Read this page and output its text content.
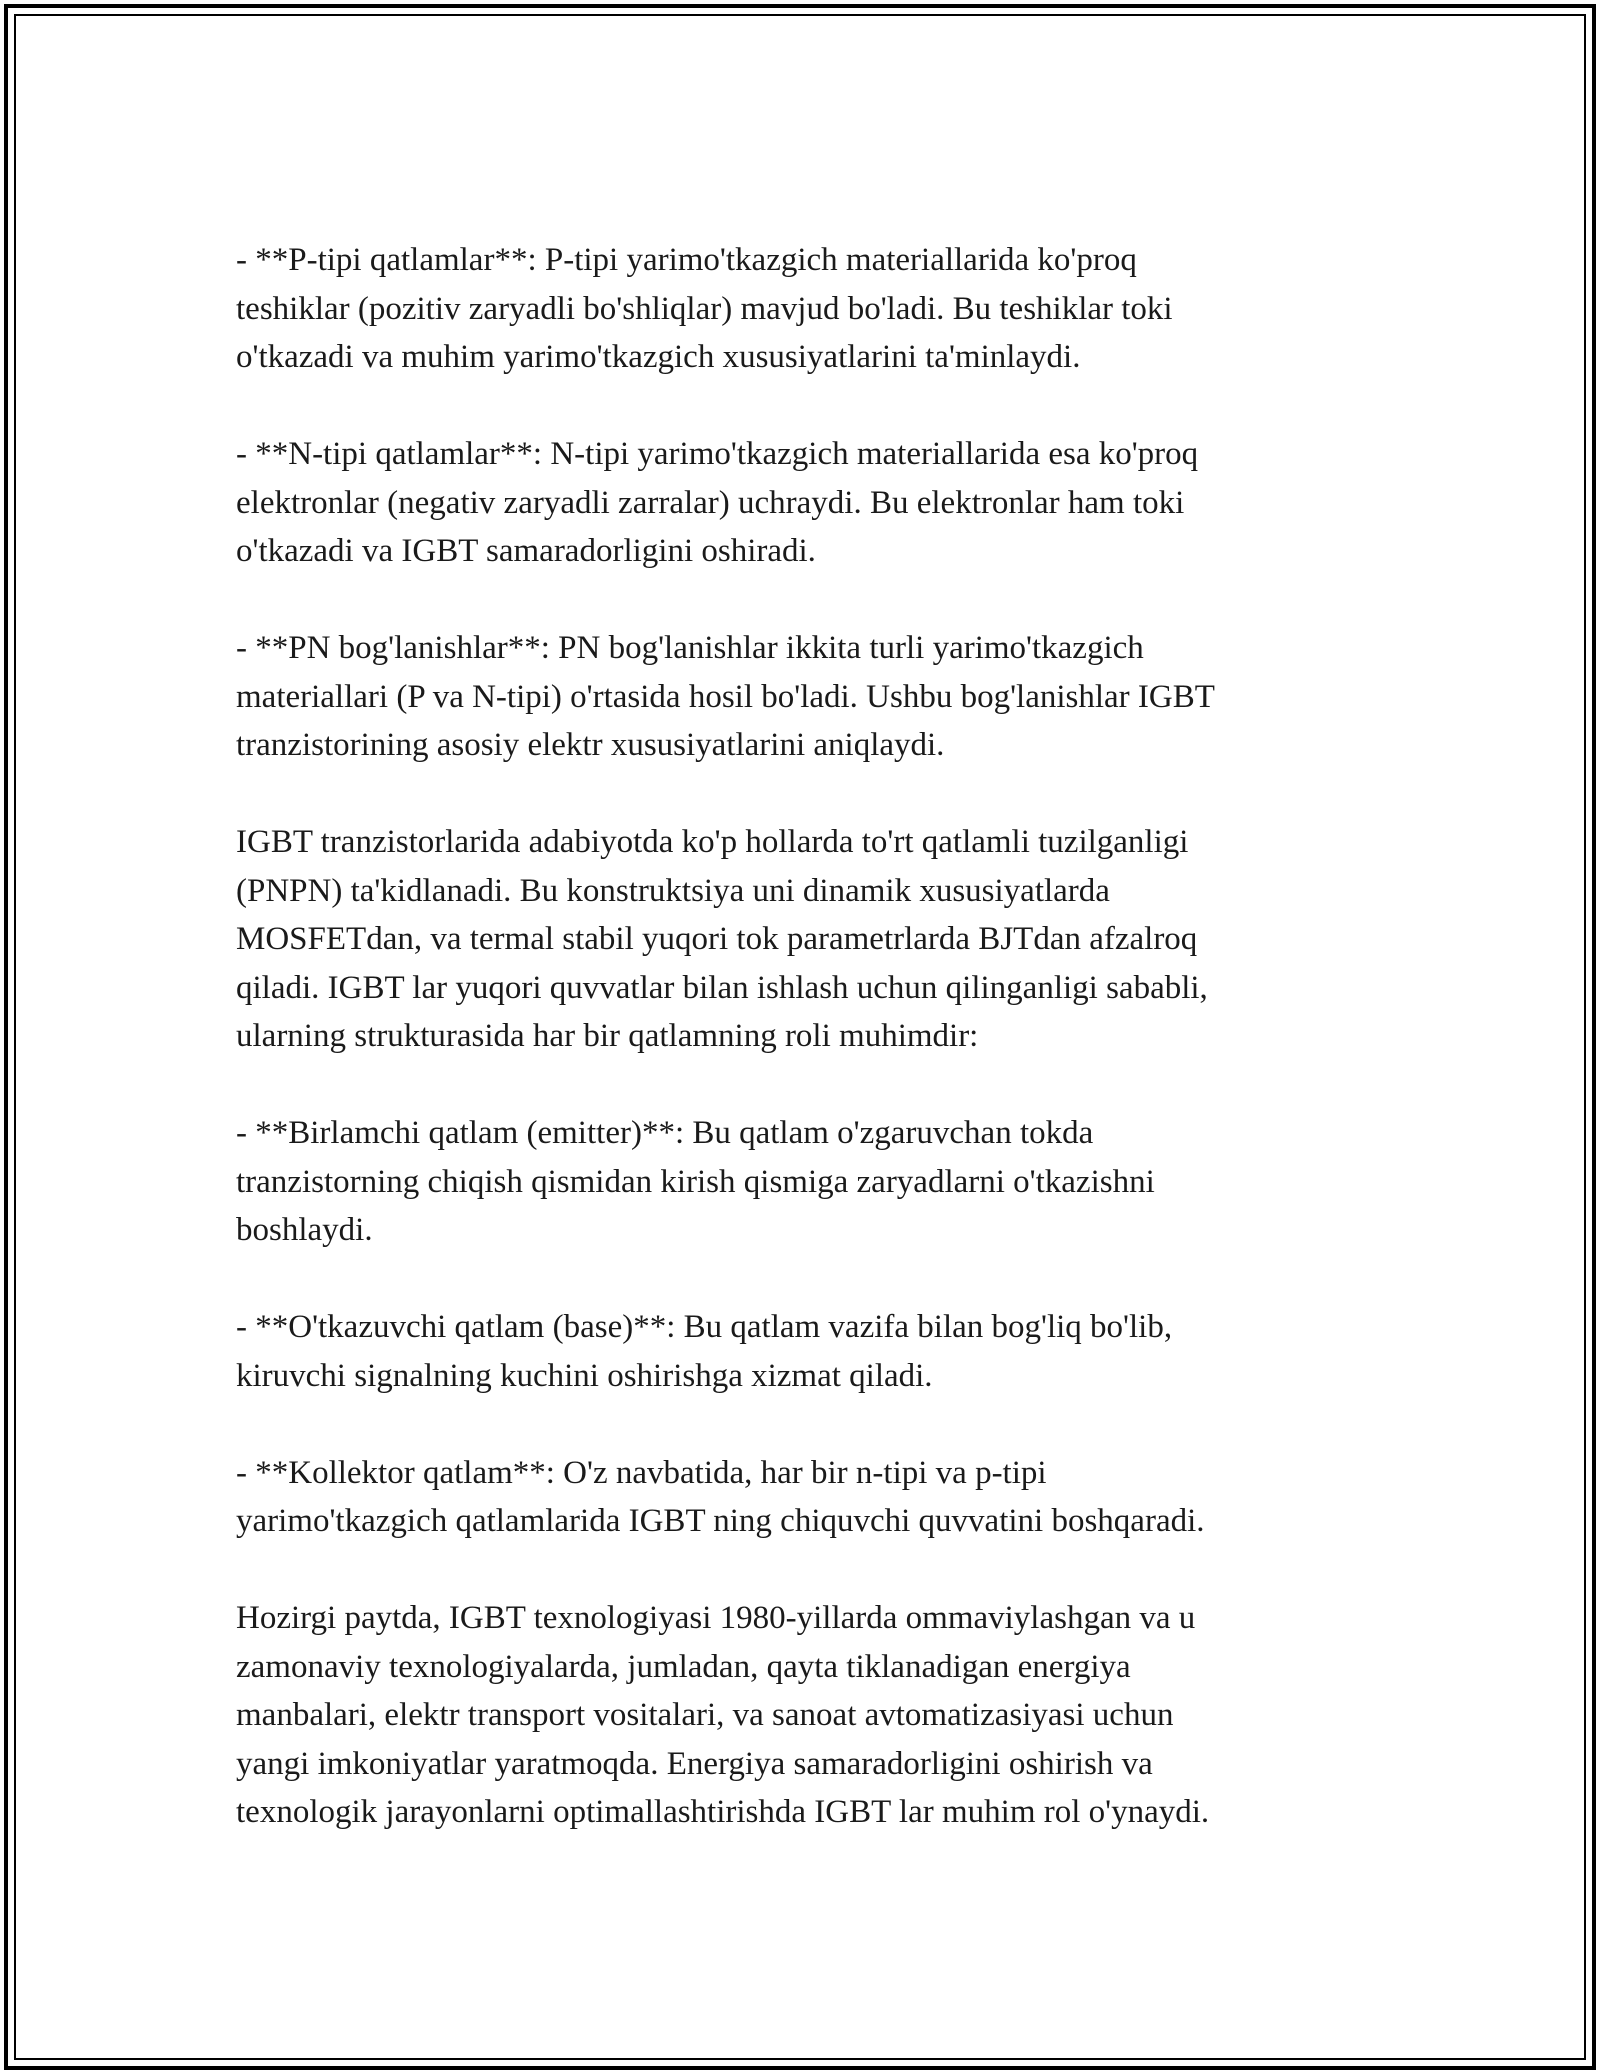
- **P-tipi qatlamlar**: P-tipi yarimo'tkazgich materiallarida ko'proq
teshiklar (pozitiv zaryadli bo'shliqlar) mavjud bo'ladi. Bu teshiklar toki
o'tkazadi va muhim yarimo'tkazgich xususiyatlarini ta'minlaydi.

- **N-tipi qatlamlar**: N-tipi yarimo'tkazgich materiallarida esa ko'proq
elektronlar (negativ zaryadli zarralar) uchraydi. Bu elektronlar ham toki
o'tkazadi va IGBT samaradorligini oshiradi.

- **PN bog'lanishlar**: PN bog'lanishlar ikkita turli yarimo'tkazgich
materiallari (P va N-tipi) o'rtasida hosil bo'ladi. Ushbu bog'lanishlar IGBT
tranzistorining asosiy elektr xususiyatlarini aniqlaydi.

IGBT tranzistorlarida adabiyotda ko'p hollarda to'rt qatlamli tuzilganligi
(PNPN) ta'kidlanadi. Bu konstruktsiya uni dinamik xususiyatlarda
MOSFETdan, va termal stabil yuqori tok parametrlarda BJTdan afzalroq
qiladi. IGBT lar yuqori quvvatlar bilan ishlash uchun qilinganligi sababli,
ularning strukturasida har bir qatlamning roli muhimdir:

- **Birlamchi qatlam (emitter)**: Bu qatlam o'zgaruvchan tokda
tranzistorning chiqish qismidan kirish qismiga zaryadlarni o'tkazishni
boshlaydi.

- **O'tkazuvchi qatlam (base)**: Bu qatlam vazifa bilan bog'liq bo'lib,
kiruvchi signalning kuchini oshirishga xizmat qiladi.

- **Kollektor qatlam**: O'z navbatida, har bir n-tipi va p-tipi
yarimo'tkazgich qatlamlarida IGBT ning chiquvchi quvvatini boshqaradi.

Hozirgi paytda, IGBT texnologiyasi 1980-yillarda ommaviylashgan va u
zamonaviy texnologiyalarda, jumladan, qayta tiklanadigan energiya
manbalari, elektr transport vositalari, va sanoat avtomatizasiyasi uchun
yangi imkoniyatlar yaratmoqda. Energiya samaradorligini oshirish va
texnologik jarayonlarni optimallashtirishda IGBT lar muhim rol o'ynaydi.
